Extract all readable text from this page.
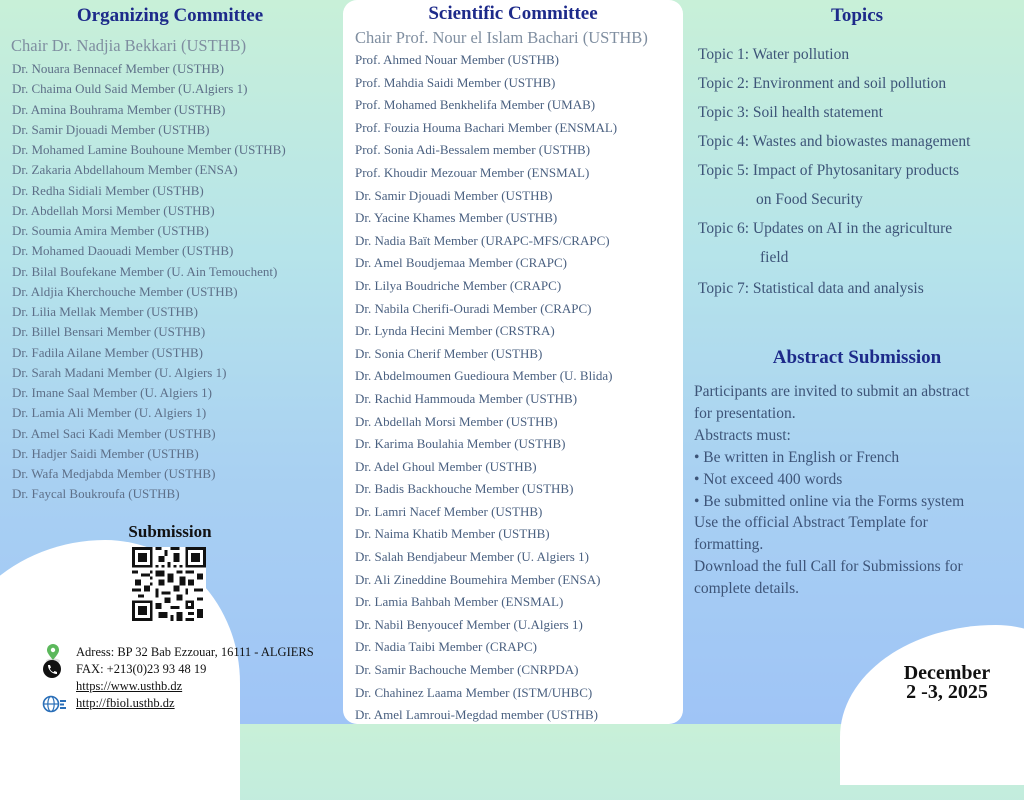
Organizing Committee
Chair Dr. Nadjia Bekkari (USTHB)
Dr. Nouara Bennacef Member (USTHB)
Dr. Chaima Ould Said Member (U.Algiers 1)
Dr. Amina Bouhrama Member (USTHB)
Dr. Samir Djouadi Member (USTHB)
Dr. Mohamed Lamine Bouhoune Member (USTHB)
Dr. Zakaria Abdellahoum Member (ENSA)
Dr. Redha Sidiali Member (USTHB)
Dr. Abdellah Morsi Member (USTHB)
Dr. Soumia Amira Member (USTHB)
Dr. Mohamed Daouadi Member (USTHB)
Dr. Bilal Boufekane Member (U. Ain Temouchent)
Dr. Aldjia Kherchouche Member (USTHB)
Dr. Lilia Mellak Member (USTHB)
Dr. Billel Bensari Member (USTHB)
Dr. Fadila Ailane Member (USTHB)
Dr. Sarah Madani Member (U. Algiers 1)
Dr. Imane Saal Member (U. Algiers 1)
Dr. Lamia Ali Member (U. Algiers 1)
Dr. Amel Saci Kadi Member (USTHB)
Dr. Hadjer Saidi Member (USTHB)
Dr. Wafa Medjabda Member (USTHB)
Dr. Faycal Boukroufa (USTHB)
Submission
Adress: BP 32 Bab Ezzouar, 16111 - ALGIERS
FAX: +213(0)23 93 48 19
https://www.usthb.dz
http://fbiol.usthb.dz
Scientific Committee
Chair Prof. Nour el Islam Bachari (USTHB)
Prof. Ahmed Nouar Member (USTHB)
Prof. Mahdia Saidi Member (USTHB)
Prof. Mohamed Benkhelifa Member (UMAB)
Prof. Fouzia Houma Bachari Member (ENSMAL)
Prof. Sonia Adi-Bessalem member (USTHB)
Prof. Khoudir Mezouar Member (ENSMAL)
Dr. Samir Djouadi Member (USTHB)
Dr. Yacine Khames Member (USTHB)
Dr. Nadia Baït Member (URAPC-MFS/CRAPC)
Dr. Amel Boudjemaa Member (CRAPC)
Dr. Lilya Boudriche Member (CRAPC)
Dr. Nabila Cherifi-Ouradi Member (CRAPC)
Dr. Lynda Hecini Member (CRSTRA)
Dr. Sonia Cherif Member (USTHB)
Dr. Abdelmoumen Guedioura Member (U. Blida)
Dr. Rachid Hammouda Member (USTHB)
Dr. Abdellah Morsi Member (USTHB)
Dr. Karima Boulahia Member (USTHB)
Dr. Adel Ghoul Member (USTHB)
Dr. Badis Backhouche Member (USTHB)
Dr. Lamri Nacef Member (USTHB)
Dr. Naima Khatib Member (USTHB)
Dr. Salah Bendjabeur Member (U. Algiers 1)
Dr. Ali Zineddine Boumehira Member (ENSA)
Dr. Lamia Bahbah Member (ENSMAL)
Dr. Nabil Benyoucef Member (U.Algiers 1)
Dr. Nadia Taibi Member (CRAPC)
Dr. Samir Bachouche Member (CNRPDA)
Dr. Chahinez Laama Member (ISTM/UHBC)
Dr. Amel Lamroui-Megdad member (USTHB)
Topics
Topic 1: Water pollution
Topic 2: Environment and soil pollution
Topic 3: Soil health statement
Topic 4: Wastes and biowastes management
Topic 5: Impact of Phytosanitary products
on Food Security
Topic 6: Updates on AI in the agriculture
field
Topic 7: Statistical data and analysis
Abstract Submission
Participants are invited to submit an abstract
for presentation.
Abstracts must:
• Be written in English or French
• Not exceed 400 words
• Be submitted online via the Forms system
Use the official Abstract Template for
formatting.
Download the full Call for Submissions for
complete details.
December
2 -3, 2025
